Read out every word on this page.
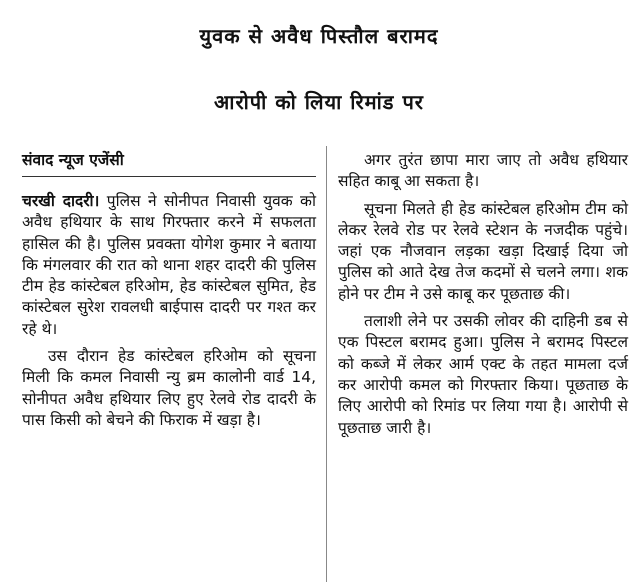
युवक से अवैध पिस्तौल बरामद
आरोपी को लिया रिमांड पर
संवाद न्यूज एजेंसी

चरखी दादरी। पुलिस ने सोनीपत निवासी युवक को अवैध हथियार के साथ गिरफ्तार करने में सफलता हासिल की है। पुलिस प्रवक्ता योगेश कुमार ने बताया कि मंगलवार की रात को थाना शहर दादरी की पुलिस टीम हेड कांस्टेबल हरिओम, हेड कांस्टेबल सुमित, हेड कांस्टेबल सुरेश रावलधी बाईपास दादरी पर गश्त कर रहे थे।

उस दौरान हेड कांस्टेबल हरिओम को सूचना मिली कि कमल निवासी न्यु ब्रम कालोनी वार्ड 14, सोनीपत अवैध हथियार लिए हुए रेलवे रोड दादरी के पास किसी को बेचने की फिराक में खड़ा है।

अगर तुरंत छापा मारा जाए तो अवैध हथियार सहित काबू आ सकता है।

सूचना मिलते ही हेड कांस्टेबल हरिओम टीम को लेकर रेलवे रोड पर रेलवे स्टेशन के नजदीक पहुंचे। जहां एक नौजवान लड़का खड़ा दिखाई दिया जो पुलिस को आते देख तेज कदमों से चलने लगा। शक होने पर टीम ने उसे काबू कर पूछताछ की।

तलाशी लेने पर उसकी लोवर की दाहिनी डब से एक पिस्टल बरामद हुआ। पुलिस ने बरामद पिस्टल को कब्जे में लेकर आर्म एक्ट के तहत मामला दर्ज कर आरोपी कमल को गिरफ्तार किया। पूछताछ के लिए आरोपी को रिमांड पर लिया गया है। आरोपी से पूछताछ जारी है।
